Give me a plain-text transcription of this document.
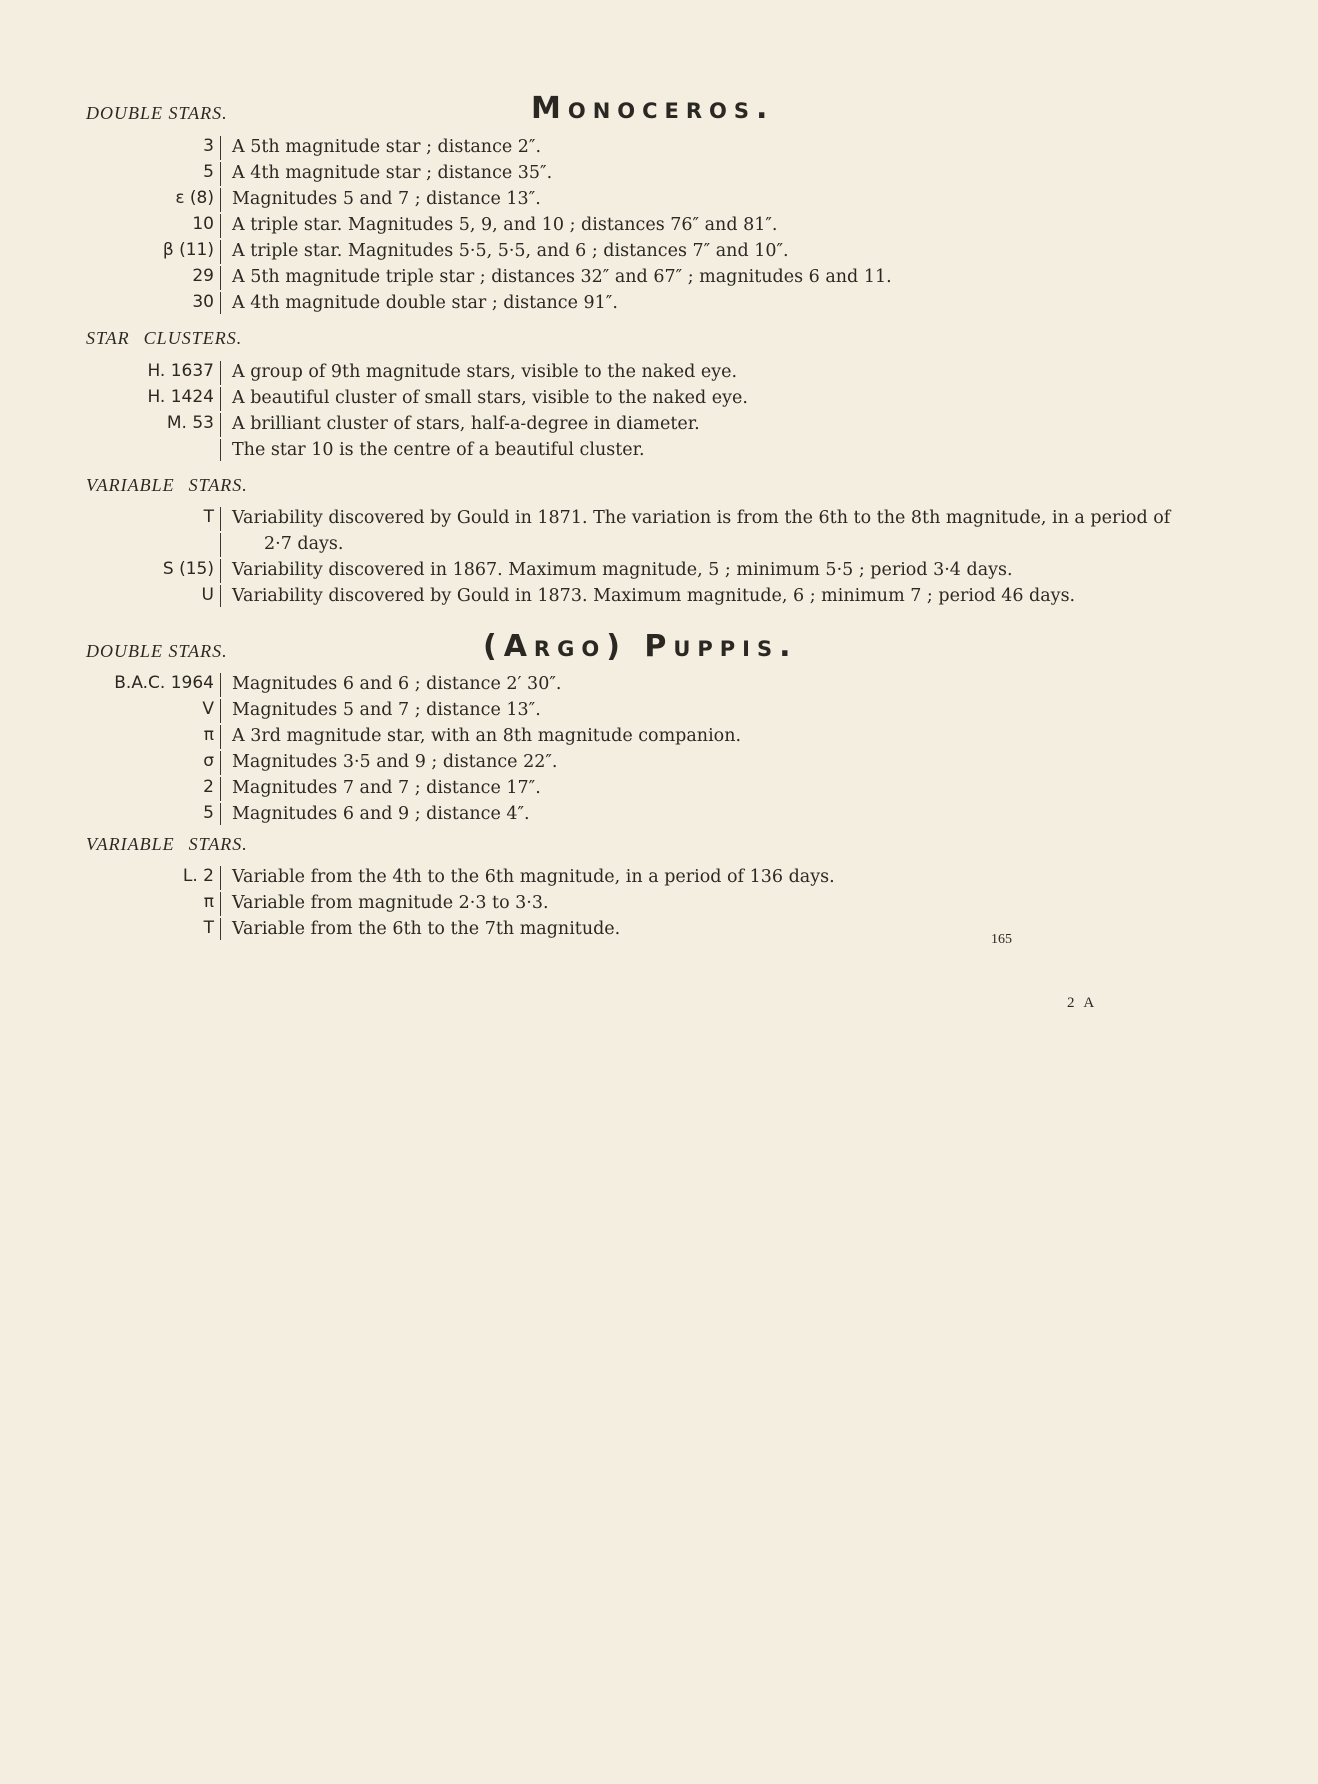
DOUBLE STARS.	Monoceros.
3	A 5th magnitude star ; distance 2″.
5	A 4th magnitude star ; distance 35″.
ε (8)	Magnitudes 5 and 7 ; distance 13″.
10	A triple star. Magnitudes 5, 9, and 10 ; distances 76″ and 81″.
β (11)	A triple star. Magnitudes 5·5, 5·5, and 6 ; distances 7″ and 10″.
29	A 5th magnitude triple star ; distances 32″ and 67″ ; magnitudes 6 and 11.
30	A 4th magnitude double star ; distance 91″.
STAR CLUSTERS.
H. 1637	A group of 9th magnitude stars, visible to the naked eye.
H. 1424	A beautiful cluster of small stars, visible to the naked eye.
M. 53	A brilliant cluster of stars, half-a-degree in diameter.
The star 10 is the centre of a beautiful cluster.
VARIABLE STARS.
T	Variability discovered by Gould in 1871. The variation is from the 6th to the 8th magnitude, in a period of
2·7 days.
S (15)	Variability discovered in 1867. Maximum magnitude, 5 ; minimum 5·5 ; period 3·4 days.
U	Variability discovered by Gould in 1873. Maximum magnitude, 6 ; minimum 7 ; period 46 days.
DOUBLE STARS.	(Argo) Puppis.
B.A.C. 1964	Magnitudes 6 and 6 ; distance 2′ 30″.
V	Magnitudes 5 and 7 ; distance 13″.
π	A 3rd magnitude star, with an 8th magnitude companion.
σ	Magnitudes 3·5 and 9 ; distance 22″.
2	Magnitudes 7 and 7 ; distance 17″.
5	Magnitudes 6 and 9 ; distance 4″.
VARIABLE STARS.
L. 2	Variable from the 4th to the 6th magnitude, in a period of 136 days.
π	Variable from magnitude 2·3 to 3·3.
T	Variable from the 6th to the 7th magnitude.
165
2 A
